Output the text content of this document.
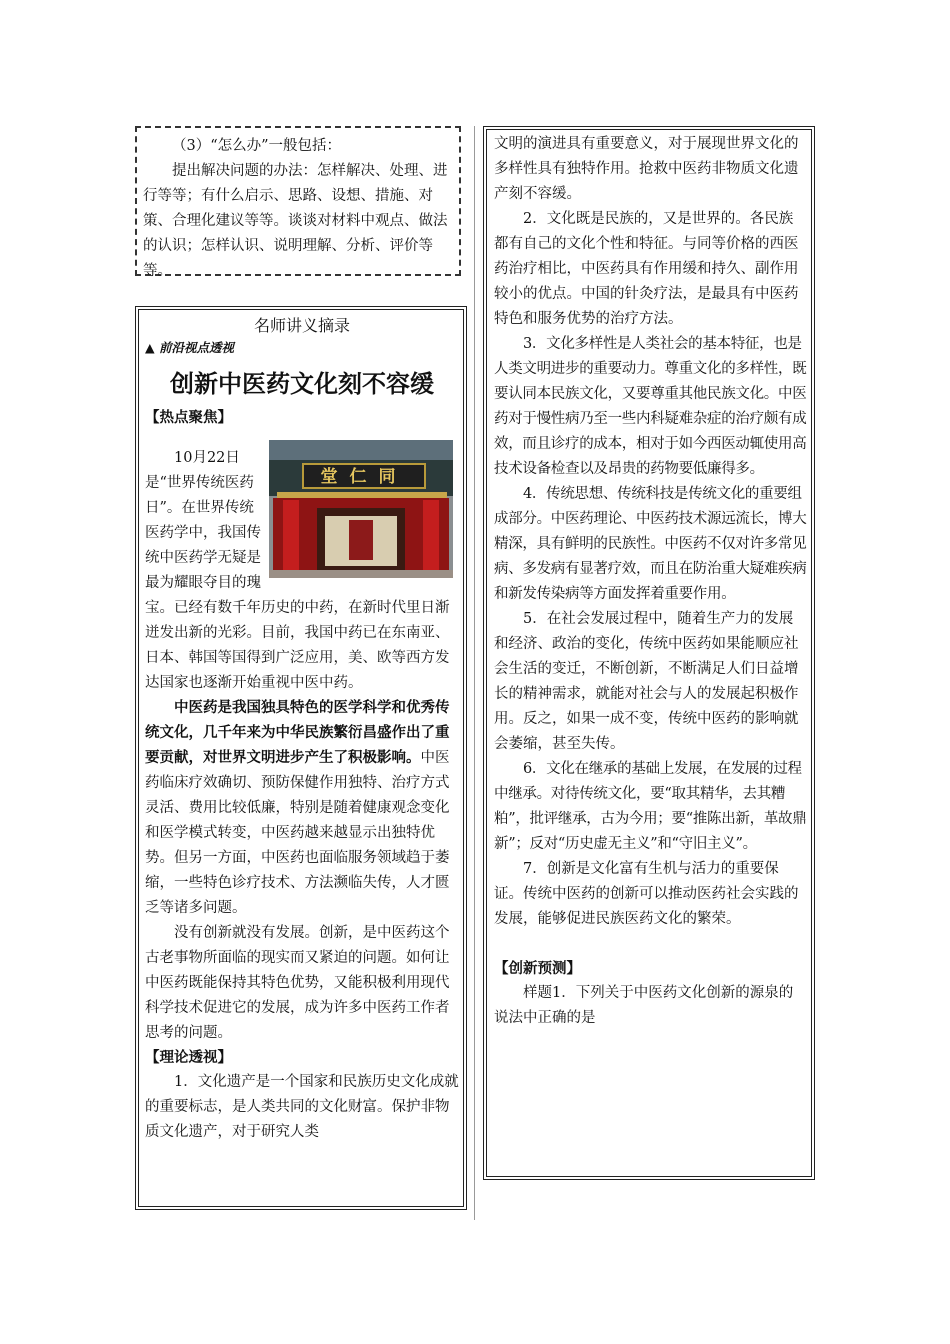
（3）“怎么办”一般包括：

提出解决问题的办法：怎样解决、处理、进行等等；有什么启示、思路、设想、措施、对策、合理化建议等等。谈谈对材料中观点、做法的认识；怎样认识、说明理解、分析、评价等等。

名师讲义摘录

▲ 前沿视点透视

创新中医药文化刻不容缓

【热点聚焦】

堂仁同

10月22日是“世界传统医药日”。在世界传统医药学中，我国传统中医药学无疑是最为耀眼夺目的瑰宝。已经有数千年历史的中药，在新时代里日渐迸发出新的光彩。目前，我国中药已在东南亚、日本、韩国等国得到广泛应用，美、欧等西方发达国家也逐渐开始重视中医中药。

中医药是我国独具特色的医学科学和优秀传统文化，几千年来为中华民族繁衍昌盛作出了重要贡献，对世界文明进步产生了积极影响。中医药临床疗效确切、预防保健作用独特、治疗方式灵活、费用比较低廉，特别是随着健康观念变化和医学模式转变，中医药越来越显示出独特优势。但另一方面，中医药也面临服务领域趋于萎缩，一些特色诊疗技术、方法濒临失传，人才匮乏等诸多问题。

没有创新就没有发展。创新，是中医药这个古老事物所面临的现实而又紧迫的问题。如何让中医药既能保持其特色优势，又能积极利用现代科学技术促进它的发展，成为许多中医药工作者思考的问题。

【理论透视】

1．文化遗产是一个国家和民族历史文化成就的重要标志，是人类共同的文化财富。保护非物质文化遗产，对于研究人类

文明的演进具有重要意义，对于展现世界文化的多样性具有独特作用。抢救中医药非物质文化遗产刻不容缓。

2．文化既是民族的，又是世界的。各民族都有自己的文化个性和特征。与同等价格的西医药治疗相比，中医药具有作用缓和持久、副作用较小的优点。中国的针灸疗法，是最具有中医药特色和服务优势的治疗方法。

3．文化多样性是人类社会的基本特征，也是人类文明进步的重要动力。尊重文化的多样性，既要认同本民族文化，又要尊重其他民族文化。中医药对于慢性病乃至一些内科疑难杂症的治疗颇有成效，而且诊疗的成本，相对于如今西医动辄使用高技术设备检查以及昂贵的药物要低廉得多。

4．传统思想、传统科技是传统文化的重要组成部分。中医药理论、中医药技术源远流长，博大精深，具有鲜明的民族性。中医药不仅对许多常见病、多发病有显著疗效，而且在防治重大疑难疾病和新发传染病等方面发挥着重要作用。

5．在社会发展过程中，随着生产力的发展和经济、政治的变化，传统中医药如果能顺应社会生活的变迁，不断创新，不断满足人们日益增长的精神需求，就能对社会与人的发展起积极作用。反之，如果一成不变，传统中医药的影响就会萎缩，甚至失传。

6．文化在继承的基础上发展，在发展的过程中继承。对待传统文化，要“取其精华，去其糟粕”，批评继承，古为今用；要“推陈出新，革故鼎新”；反对“历史虚无主义”和“守旧主义”。

7．创新是文化富有生机与活力的重要保证。传统中医药的创新可以推动医药社会实践的发展，能够促进民族医药文化的繁荣。

【创新预测】

样题1．下列关于中医药文化创新的源泉的说法中正确的是
